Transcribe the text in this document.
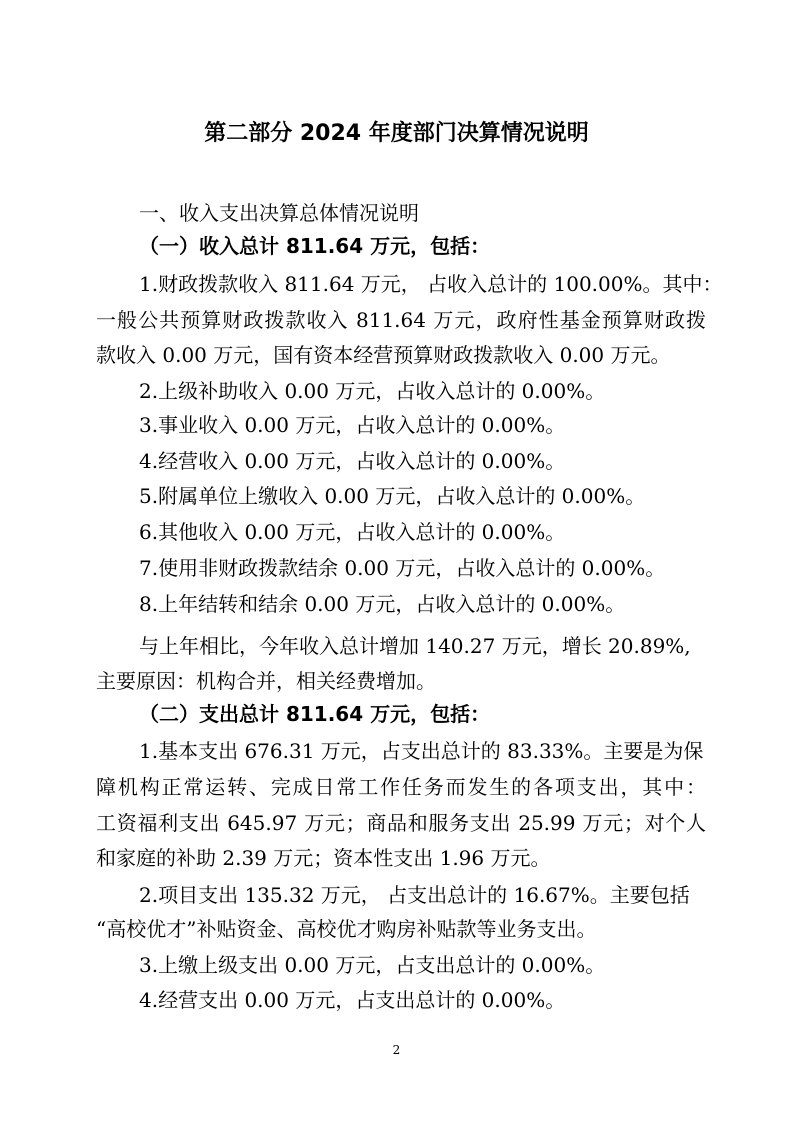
第二部分 2024 年度部门决算情况说明
一、收入支出决算总体情况说明
（一）收入总计 811.64 万元，包括：
1.财政拨款收入 811.64 万元， 占收入总计的 100.00%。其中：
一般公共预算财政拨款收入 811.64 万元，政府性基金预算财政拨
款收入 0.00 万元，国有资本经营预算财政拨款收入 0.00 万元。
2.上级补助收入 0.00 万元，占收入总计的 0.00%。
3.事业收入 0.00 万元，占收入总计的 0.00%。
4.经营收入 0.00 万元，占收入总计的 0.00%。
5.附属单位上缴收入 0.00 万元，占收入总计的 0.00%。
6.其他收入 0.00 万元，占收入总计的 0.00%。
7.使用非财政拨款结余 0.00 万元，占收入总计的 0.00%。
8.上年结转和结余 0.00 万元，占收入总计的 0.00%。
与上年相比，今年收入总计增加 140.27 万元，增长 20.89%,
主要原因：机构合并，相关经费增加。
（二）支出总计 811.64 万元，包括：
1.基本支出 676.31 万元，占支出总计的 83.33%。主要是为保
障机构正常运转、完成日常工作任务而发生的各项支出，其中：
工资福利支出 645.97 万元；商品和服务支出 25.99 万元；对个人
和家庭的补助 2.39 万元；资本性支出 1.96 万元。
2.项目支出 135.32 万元， 占支出总计的 16.67%。主要包括
“高校优才”补贴资金、高校优才购房补贴款等业务支出。
3.上缴上级支出 0.00 万元，占支出总计的 0.00%。
4.经营支出 0.00 万元，占支出总计的 0.00%。
2
